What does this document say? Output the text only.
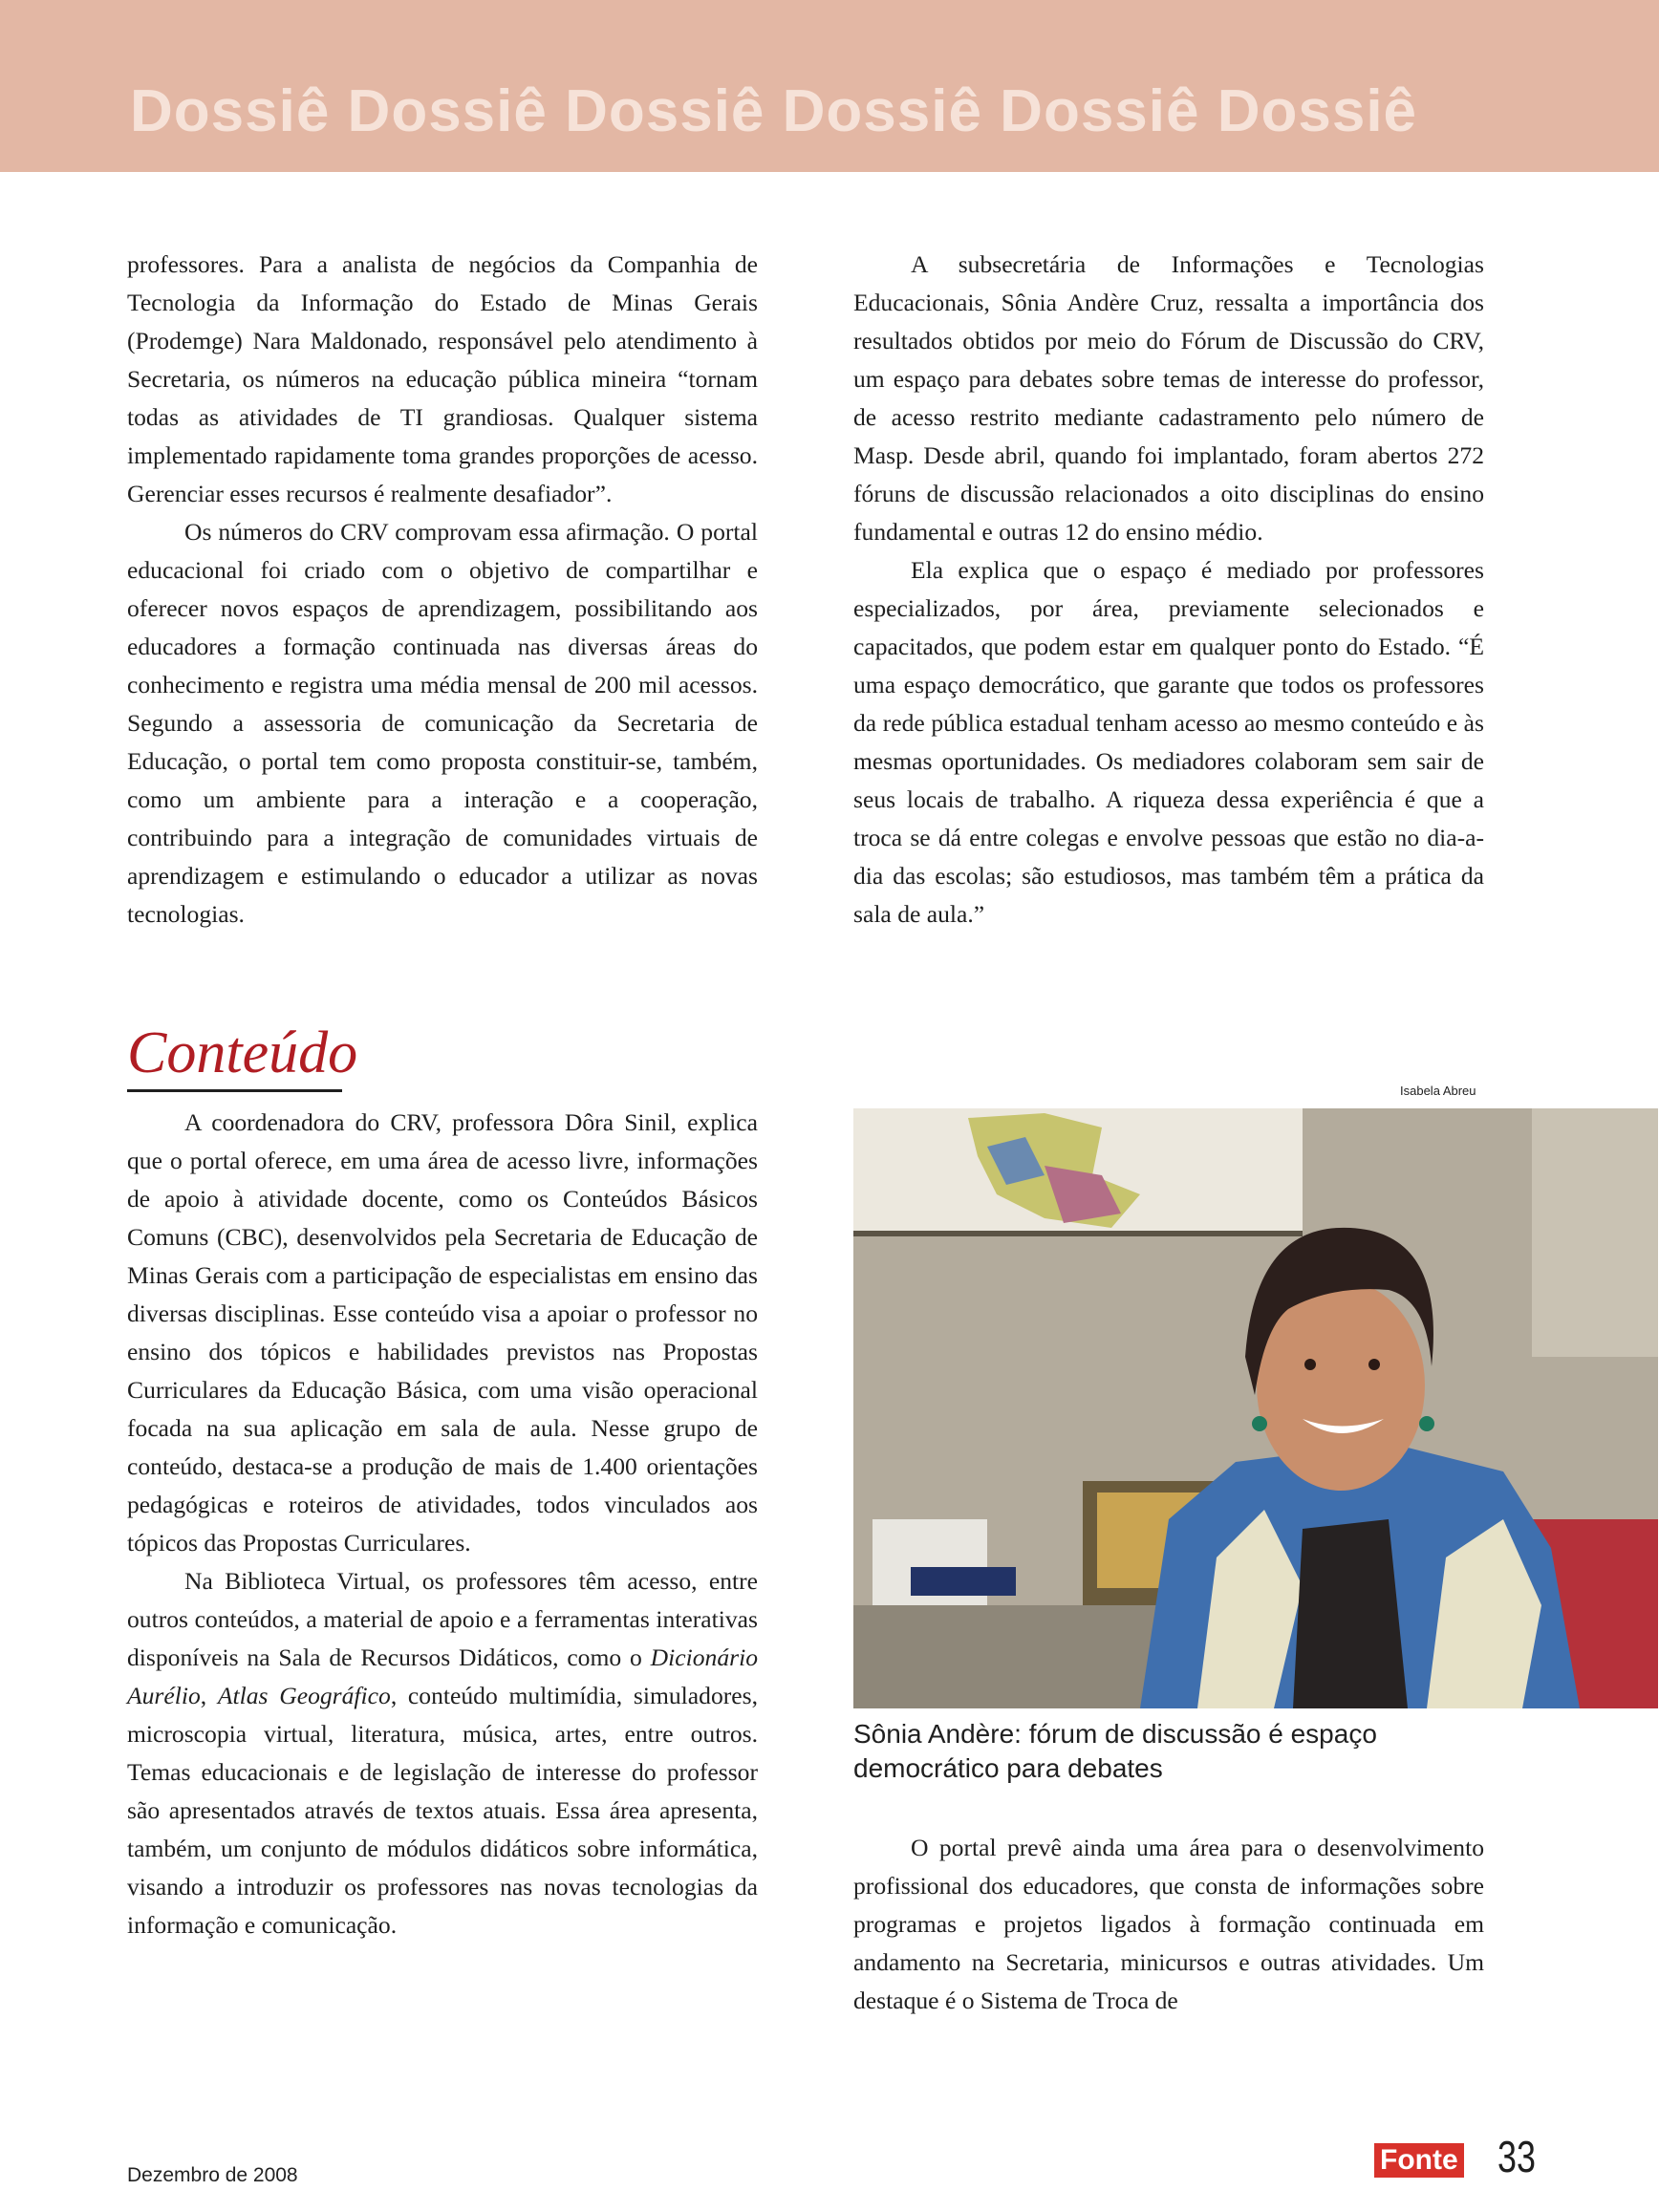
Dossiê Dossiê Dossiê Dossiê Dossiê Dossiê

professores. Para a analista de negócios da Companhia de Tecnologia da Informação do Estado de Minas Gerais (Prodemge) Nara Maldonado, responsável pelo atendimento à Secretaria, os números na educação pública mineira “tornam todas as atividades de TI grandiosas. Qualquer sistema implementado rapidamente toma grandes proporções de acesso. Gerenciar esses recursos é realmente desafiador”.

Os números do CRV comprovam essa afirmação. O portal educacional foi criado com o objetivo de compartilhar e oferecer novos espaços de aprendizagem, possibilitando aos educadores a formação continuada nas diversas áreas do conhecimento e registra uma média mensal de 200 mil acessos. Segundo a assessoria de comunicação da Secretaria de Educação, o portal tem como proposta constituir-se, também, como um ambiente para a interação e a cooperação, contribuindo para a integração de comunidades virtuais de aprendizagem e estimulando o educador a utilizar as novas tecnologias.

A subsecretária de Informações e Tecnologias Educacionais, Sônia Andère Cruz, ressalta a importância dos resultados obtidos por meio do Fórum de Discussão do CRV, um espaço para debates sobre temas de interesse do professor, de acesso restrito mediante cadastramento pelo número de Masp. Desde abril, quando foi implantado, foram abertos 272 fóruns de discussão relacionados a oito disciplinas do ensino fundamental e outras 12 do ensino médio.

Ela explica que o espaço é mediado por professores especializados, por área, previamente selecionados e capacitados, que podem estar em qualquer ponto do Estado. “É uma espaço democrático, que garante que todos os professores da rede pública estadual tenham acesso ao mesmo conteúdo e às mesmas oportunidades. Os mediadores colaboram sem sair de seus locais de trabalho. A riqueza dessa experiência é que a troca se dá entre colegas e envolve pessoas que estão no dia-a-dia das escolas; são estudiosos, mas também têm a prática da sala de aula.”

Conteúdo

A coordenadora do CRV, professora Dôra Sinil, explica que o portal oferece, em uma área de acesso livre, informações de apoio à atividade docente, como os Conteúdos Básicos Comuns (CBC), desenvolvidos pela Secretaria de Educação de Minas Gerais com a participação de especialistas em ensino das diversas disciplinas. Esse conteúdo visa a apoiar o professor no ensino dos tópicos e habilidades previstos nas Propostas Curriculares da Educação Básica, com uma visão operacional focada na sua aplicação em sala de aula. Nesse grupo de conteúdo, destaca-se a produção de mais de 1.400 orientações pedagógicas e roteiros de atividades, todos vinculados aos tópicos das Propostas Curriculares.

Na Biblioteca Virtual, os professores têm acesso, entre outros conteúdos, a material de apoio e a ferramentas interativas disponíveis na Sala de Recursos Didáticos, como o Dicionário Aurélio, Atlas Geográfico, conteúdo multimídia, simuladores, microscopia virtual, literatura, música, artes, entre outros. Temas educacionais e de legislação de interesse do professor são apresentados através de textos atuais. Essa área apresenta, também, um conjunto de módulos didáticos sobre informática, visando a introduzir os professores nas novas tecnologias da informação e comunicação.

Isabela Abreu
Sônia Andère: fórum de discussão é espaço democrático para debates

O portal prevê ainda uma área para o desenvolvimento profissional dos educadores, que consta de informações sobre programas e projetos ligados à formação continuada em andamento na Secretaria, minicursos e outras atividades. Um destaque é o Sistema de Troca de

Dezembro de 2008	Fonte 33
